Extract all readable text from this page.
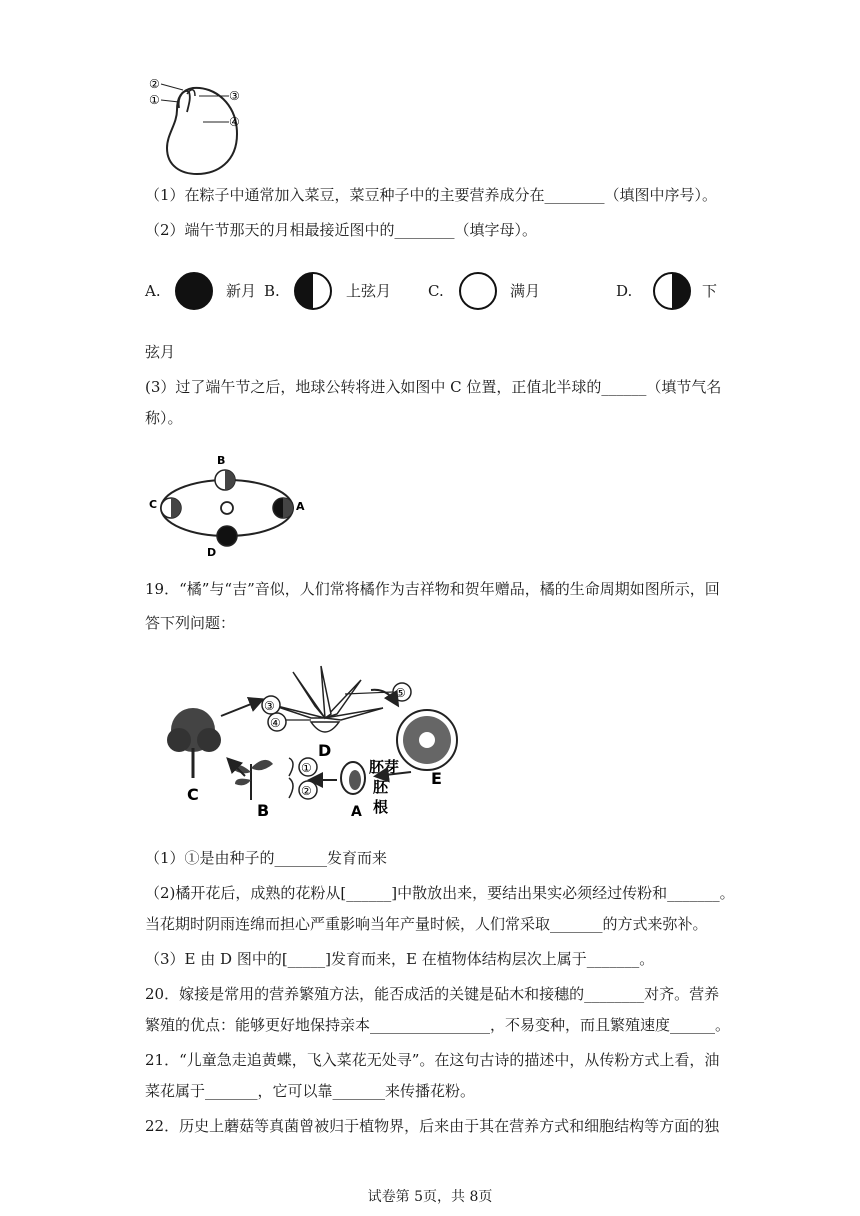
②
①	③
④
（1）在粽子中通常加入菜豆，菜豆种子中的主要营养成分在________（填图中序号）。
（2）端午节那天的月相最接近图中的________（填字母）。
A.	新月 B.	上弦月 C.	满月	D.	下
弦月
(3）过了端午节之后，地球公转将进入如图中 C 位置，正值北半球的______（填节气名
称）。
B
C	A
D
19．“橘”与“吉”音似，人们常将橘作为吉祥物和贺年赠品，橘的生命周期如图所示，回
答下列问题：
C
D
③
④
⑤
E
A
胚芽
胚
根
B
①
②
（1）①是由种子的_______发育而来
（2)橘开花后，成熟的花粉从[______]中散放出来，要结出果实必须经过传粉和_______。
当花期时阴雨连绵而担心严重影响当年产量时候，人们常采取_______的方式来弥补。
（3）E 由 D 图中的[_____]发育而来，E 在植物体结构层次上属于_______。
20．嫁接是常用的营养繁殖方法，能否成活的关键是砧木和接穗的________对齐。营养
繁殖的优点：能够更好地保持亲本________________，不易变种，而且繁殖速度______。
21．“儿童急走追黄蝶，飞入菜花无处寻”。在这句古诗的描述中，从传粉方式上看，油
菜花属于_______，它可以靠_______来传播花粉。
22．历史上蘑菇等真菌曾被归于植物界，后来由于其在营养方式和细胞结构等方面的独
试卷第 5页，共 8页
